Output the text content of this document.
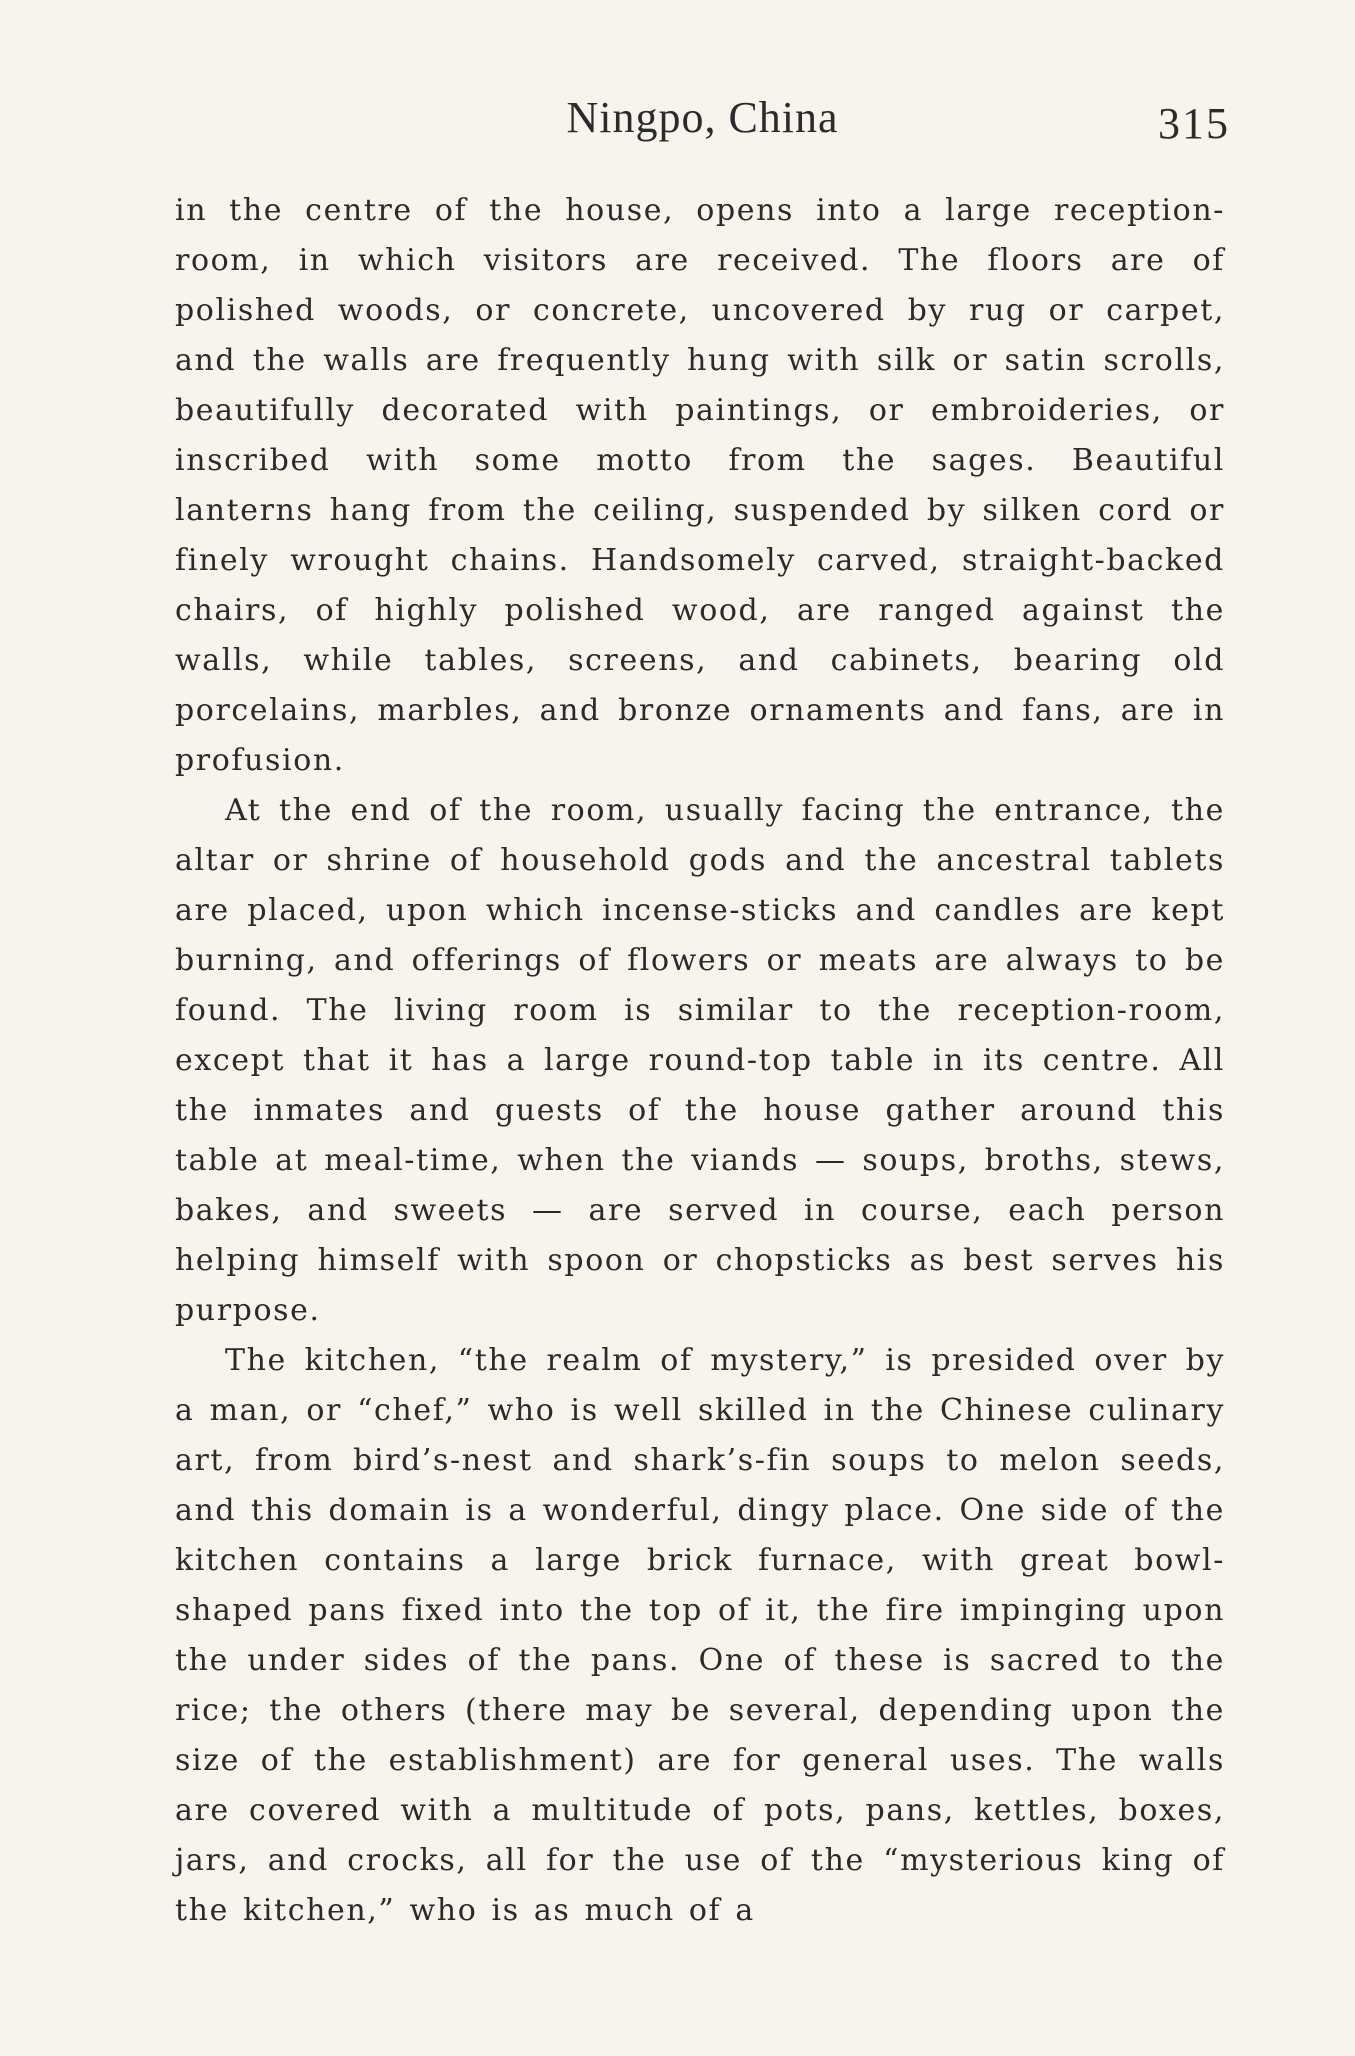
Ningpo, China	315

in the centre of the house, opens into a large reception-room, in which visitors are received. The floors are of polished woods, or concrete, uncovered by rug or carpet, and the walls are frequently hung with silk or satin scrolls, beautifully decorated with paintings, or embroideries, or inscribed with some motto from the sages. Beautiful lanterns hang from the ceiling, suspended by silken cord or finely wrought chains. Handsomely carved, straight-backed chairs, of highly polished wood, are ranged against the walls, while tables, screens, and cabinets, bearing old porcelains, marbles, and bronze ornaments and fans, are in profusion.

At the end of the room, usually facing the entrance, the altar or shrine of household gods and the ancestral tablets are placed, upon which incense-sticks and candles are kept burning, and offerings of flowers or meats are always to be found. The living room is similar to the reception-room, except that it has a large round-top table in its centre. All the inmates and guests of the house gather around this table at meal-time, when the viands — soups, broths, stews, bakes, and sweets — are served in course, each person helping himself with spoon or chopsticks as best serves his purpose.

The kitchen, “the realm of mystery,” is presided over by a man, or “chef,” who is well skilled in the Chinese culinary art, from bird’s-nest and shark’s-fin soups to melon seeds, and this domain is a wonderful, dingy place. One side of the kitchen contains a large brick furnace, with great bowl-shaped pans fixed into the top of it, the fire impinging upon the under sides of the pans. One of these is sacred to the rice; the others (there may be several, depending upon the size of the establishment) are for general uses. The walls are covered with a multitude of pots, pans, kettles, boxes, jars, and crocks, all for the use of the “mysterious king of the kitchen,” who is as much of a
